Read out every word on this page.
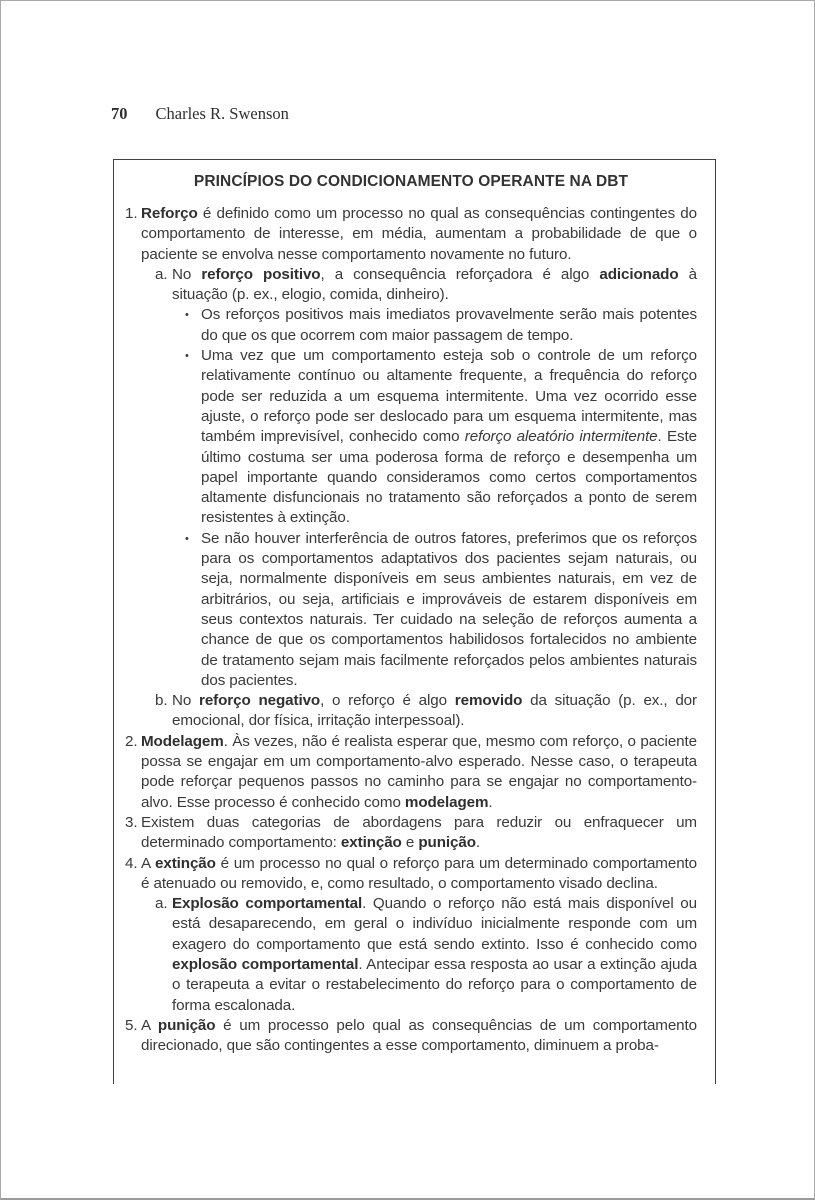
70 Charles R. Swenson
PRINCÍPIOS DO CONDICIONAMENTO OPERANTE NA DBT
1. Reforço é definido como um processo no qual as consequências contingentes do comportamento de interesse, em média, aumentam a probabilidade de que o paciente se envolva nesse comportamento novamente no futuro.
a. No reforço positivo, a consequência reforçadora é algo adicionado à situação (p. ex., elogio, comida, dinheiro).
• Os reforços positivos mais imediatos provavelmente serão mais potentes do que os que ocorrem com maior passagem de tempo.
• Uma vez que um comportamento esteja sob o controle de um reforço relativamente contínuo ou altamente frequente, a frequência do reforço pode ser reduzida a um esquema intermitente. Uma vez ocorrido esse ajuste, o reforço pode ser deslocado para um esquema intermitente, mas também imprevisível, conhecido como reforço aleatório intermitente. Este último costuma ser uma poderosa forma de reforço e desempenha um papel importante quando consideramos como certos comportamentos altamente disfuncionais no tratamento são reforçados a ponto de serem resistentes à extinção.
• Se não houver interferência de outros fatores, preferimos que os reforços para os comportamentos adaptativos dos pacientes sejam naturais, ou seja, normalmente disponíveis em seus ambientes naturais, em vez de arbitrários, ou seja, artificiais e improváveis de estarem disponíveis em seus contextos naturais. Ter cuidado na seleção de reforços aumenta a chance de que os comportamentos habilidosos fortalecidos no ambiente de tratamento sejam mais facilmente reforçados pelos ambientes naturais dos pacientes.
b. No reforço negativo, o reforço é algo removido da situação (p. ex., dor emocional, dor física, irritação interpessoal).
2. Modelagem. Às vezes, não é realista esperar que, mesmo com reforço, o paciente possa se engajar em um comportamento-alvo esperado. Nesse caso, o terapeuta pode reforçar pequenos passos no caminho para se engajar no comportamento-alvo. Esse processo é conhecido como modelagem.
3. Existem duas categorias de abordagens para reduzir ou enfraquecer um determinado comportamento: extinção e punição.
4. A extinção é um processo no qual o reforço para um determinado comportamento é atenuado ou removido, e, como resultado, o comportamento visado declina.
a. Explosão comportamental. Quando o reforço não está mais disponível ou está desaparecendo, em geral o indivíduo inicialmente responde com um exagero do comportamento que está sendo extinto. Isso é conhecido como explosão comportamental. Antecipar essa resposta ao usar a extinção ajuda o terapeuta a evitar o restabelecimento do reforço para o comportamento de forma escalonada.
5. A punição é um processo pelo qual as consequências de um comportamento direcionado, que são contingentes a esse comportamento, diminuem a proba-
